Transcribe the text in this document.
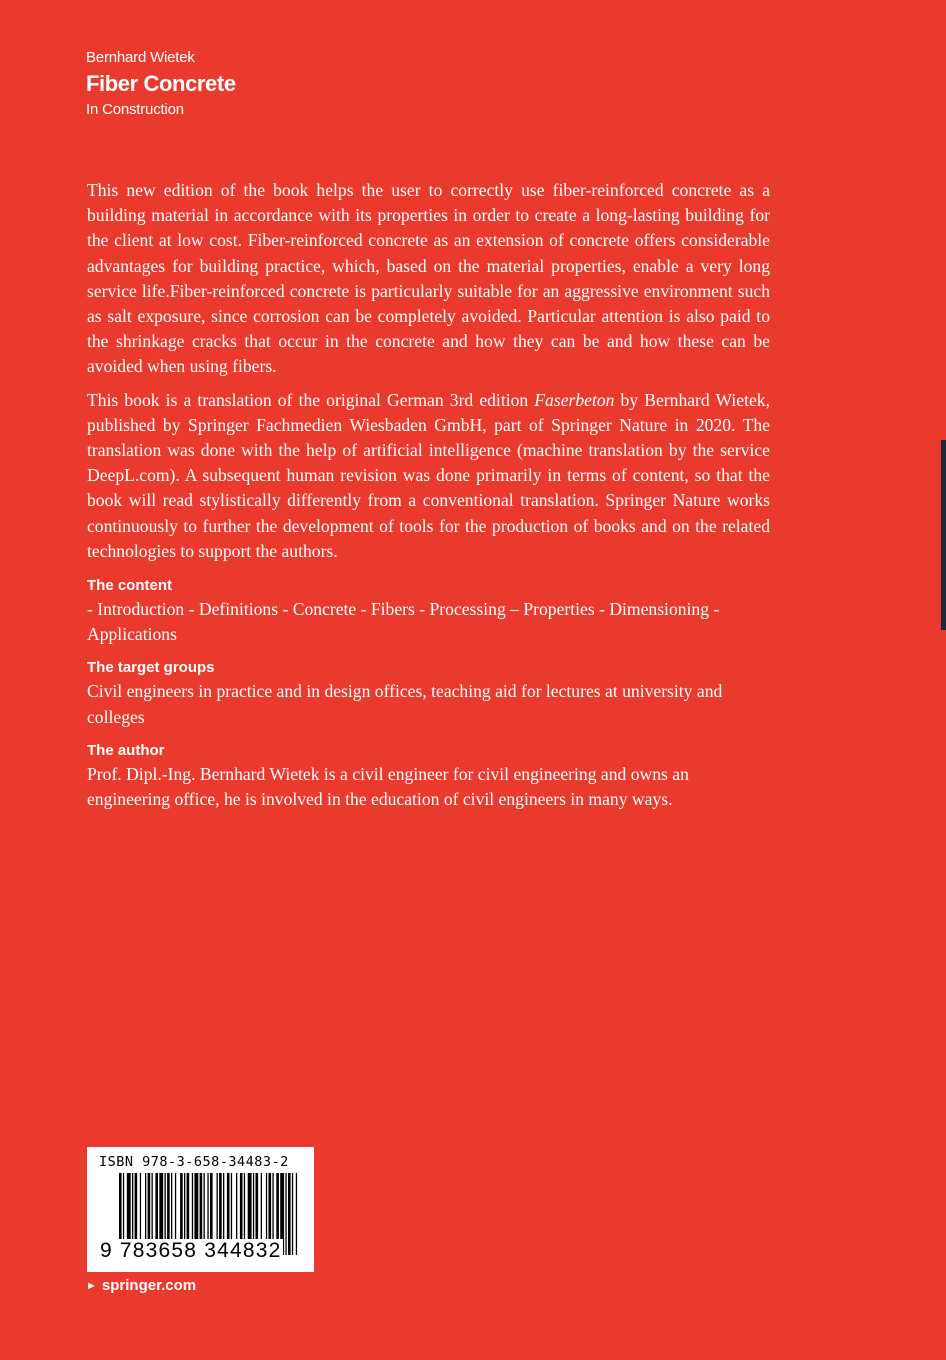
Bernhard Wietek
Fiber Concrete
In Construction

This new edition of the book helps the user to correctly use fiber-reinforced concrete as a building material in accordance with its properties in order to create a long-lasting building for the client at low cost. Fiber-reinforced concrete as an extension of concrete offers considerable advantages for building practice, which, based on the material properties, enable a very long service life.Fiber-reinforced concrete is particularly suitable for an aggressive environment such as salt exposure, since corrosion can be completely avoided. Particular attention is also paid to the shrinkage cracks that occur in the concrete and how they can be and how these can be avoided when using fibers.

This book is a translation of the original German 3rd edition Faserbeton by Bernhard Wietek, published by Springer Fachmedien Wiesbaden GmbH, part of Springer Nature in 2020. The translation was done with the help of artificial intelligence (machine translation by the service DeepL.com). A subsequent human revision was done primarily in terms of content, so that the book will read stylistically differently from a conventional translation. Springer Nature works continuously to further the development of tools for the production of books and on the related technologies to support the authors.

The content

- Introduction - Definitions - Concrete - Fibers - Processing – Properties - Dimensioning - Applications

The target groups

Civil engineers in practice and in design offices, teaching aid for lectures at university and colleges

The author

Prof. Dipl.-Ing. Bernhard Wietek is a civil engineer for civil engineering and owns an engineering office, he is involved in the education of civil engineers in many ways.

ISBN 978-3-658-34483-2
9 783658 344832
► springer.com
